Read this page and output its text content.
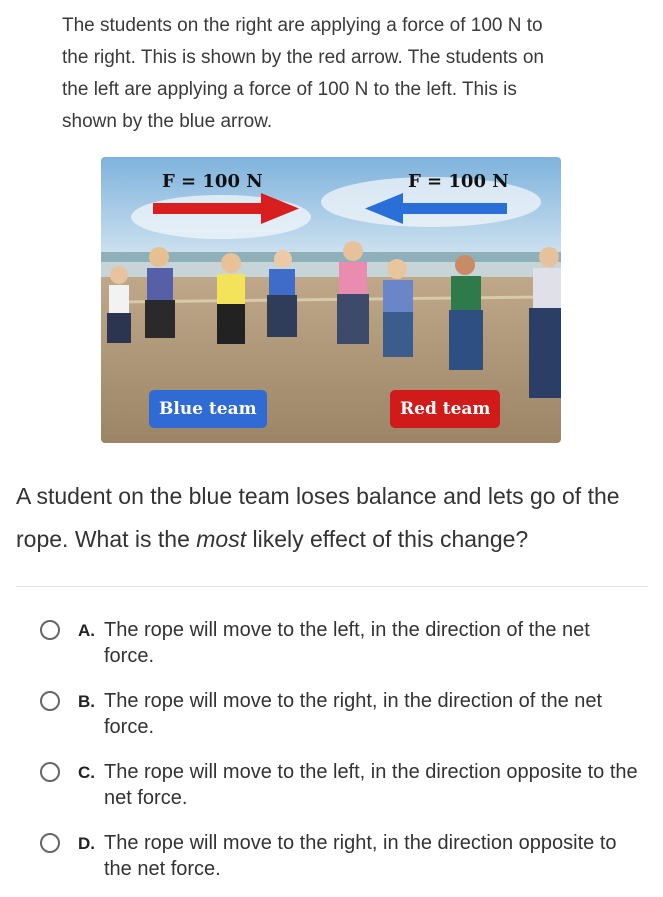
The students on the right are applying a force of 100 N to
the right. This is shown by the red arrow. The students on
the left are applying a force of 100 N to the left. This is
shown by the blue arrow.
F = 100 N	F = 100 N
Blue team	Red team
A student on the blue team loses balance and lets go of the rope. What is the most likely effect of this change?
A. The rope will move to the left, in the direction of the net force.
B. The rope will move to the right, in the direction of the net force.
C. The rope will move to the left, in the direction opposite to the net force.
D. The rope will move to the right, in the direction opposite to the net force.
